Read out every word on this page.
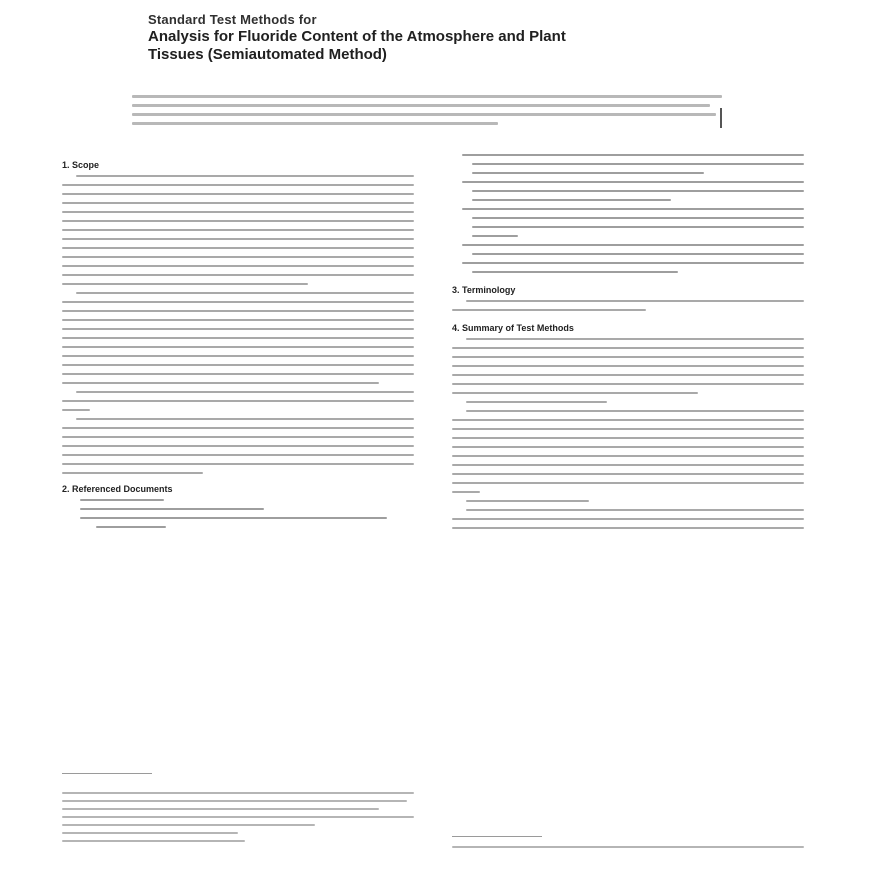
Standard Test Methods for
Analysis for Fluoride Content of the Atmosphere and Plant
Tissues (Semiautomated Method)
1. Scope
2. Referenced Documents
3. Terminology
4. Summary of Test Methods
